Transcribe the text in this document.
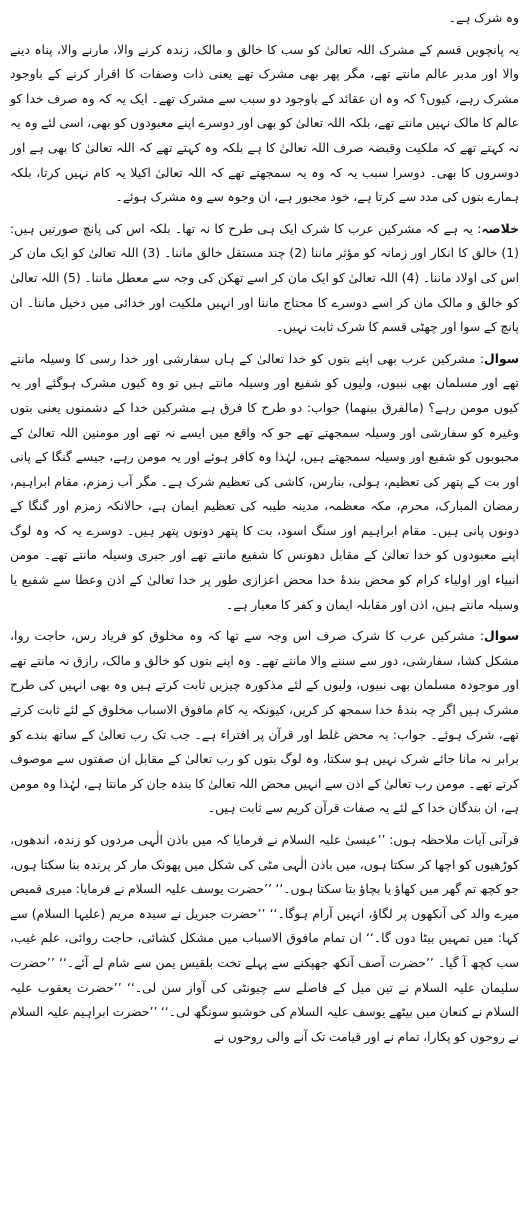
وہ شرک ہے۔

یہ پانچویں قسم کے مشرک اللہ تعالیٰ کو سب کا خالق و مالک، زندہ کرنے والا، مارنے والا، پناہ دینے والا اور مدبر عالم مانتے تھے، مگر پھر بھی مشرک تھے یعنی ذات وصفات کا اقرار کرنے کے باوجود مشرک رہے، کیوں؟ کہ وہ ان عقائد کے باوجود دو سبب سے مشرک تھے۔ ایک یہ کہ وہ صرف خدا کو عالم کا مالک نہیں مانتے تھے، بلکہ اللہ تعالیٰ کو بھی اور دوسرے اپنے معبودوں کو بھی، اسی لئے وہ یہ نہ کہتے تھے کہ ملکیت وقبضہ صرف اللہ تعالیٰ کا ہے بلکہ وہ کہتے تھے کہ اللہ تعالیٰ کا بھی ہے اور دوسروں کا بھی۔ دوسرا سبب یہ کہ وہ یہ سمجھتے تھے کہ اللہ تعالیٰ اکیلا یہ کام نہیں کرتا، بلکہ ہمارے بتوں کی مدد سے کرتا ہے، خود مجبور ہے، ان وجوہ سے وہ مشرک ہوئے۔

خلاصہ: یہ ہے کہ مشرکین عرب کا شرک ایک ہی طرح کا نہ تھا۔ بلکہ اس کی پانچ صورتیں ہیں: (1) خالق کا انکار اور زمانہ کو مؤثر ماننا (2) چند مستقل خالق ماننا۔ (3) اللہ تعالیٰ کو ایک مان کر اس کی اولاد ماننا۔ (4) اللہ تعالیٰ کو ایک مان کر اسے تھکن کی وجہ سے معطل ماننا۔ (5) اللہ تعالیٰ کو خالق و مالک مان کر اسے دوسرے کا محتاج ماننا اور انہیں ملکیت اور خدائی میں دخیل ماننا۔ ان پانچ کے سوا اور چھٹی قسم کا شرک ثابت نہیں۔

سوال: مشرکین عرب بھی اپنے بتوں کو خدا تعالیٰ کے ہاں سفارشی اور خدا رسی کا وسیلہ مانتے تھے اور مسلمان بھی نبیوں، ولیوں کو شفیع اور وسیلہ مانتے ہیں تو وہ کیوں مشرک ہوگئے اور یہ کیوں مومن رہے؟ (مالفرق بینھما) جواب: دو طرح کا فرق ہے مشرکین خدا کے دشمنوں یعنی بتوں وغیرہ کو سفارشی اور وسیلہ سمجھتے تھے جو کہ واقع میں ایسے نہ تھے اور مومنین اللہ تعالیٰ کے محبوبوں کو شفیع اور وسیلہ سمجھتے ہیں، لہٰذا وہ کافر ہوئے اور یہ مومن رہے، جیسے گنگا کے پانی اور بت کے پتھر کی تعظیم، ہولی، بنارس، کاشی کی تعظیم شرک ہے۔ مگر آب زمزم، مقام ابراہیم، رمضان المبارک، محرم، مکہ معظمہ، مدینہ طیبہ کی تعظیم ایمان ہے، حالانکہ زمزم اور گنگا کے دونوں پانی ہیں۔ مقام ابراہیم اور سنگ اسود، بت کا پتھر دونوں پتھر ہیں۔ دوسرے یہ کہ وہ لوگ اپنے معبودوں کو خدا تعالیٰ کے مقابل دھونس کا شفیع مانتے تھے اور جبری وسیلہ مانتے تھے۔ مومن انبیاء اور اولیاء کرام کو محض بندۂ خدا محض اعزازی طور پر خدا تعالیٰ کے اذن وعطا سے شفیع یا وسیلہ مانتے ہیں، اذن اور مقابلہ ایمان و کفر کا معیار ہے۔

سوال: مشرکین عرب کا شرک صرف اس وجہ سے تھا کہ وہ مخلوق کو فریاد رس، حاجت روا، مشکل کشا، سفارشی، دور سے سننے والا مانتے تھے۔ وہ اپنے بتوں کو خالق و مالک، رازق نہ مانتے تھے اور موجودہ مسلمان بھی نبیوں، ولیوں کے لئے مذکورہ چیزیں ثابت کرتے ہیں وہ بھی انہیں کی طرح مشرک ہیں اگر چہ بندۂ خدا سمجھ کر کریں، کیونکہ یہ کام مافوق الاسباب مخلوق کے لئے ثابت کرتے تھے، شرک ہوئے۔ جواب: یہ محض غلط اور قرآن پر افتراء ہے۔ جب تک رب تعالیٰ کے ساتھ بندے کو برابر نہ مانا جائے شرک نہیں ہو سکتا، وہ لوگ بتوں کو رب تعالیٰ کے مقابل ان صفتوں سے موصوف کرتے تھے۔ مومن رب تعالیٰ کے اذن سے انہیں محض اللہ تعالیٰ کا بندہ جان کر مانتا ہے، لہٰذا وہ مومن ہے، ان بندگان خدا کے لئے یہ صفات قرآن کریم سے ثابت ہیں۔

قرآنی آیات ملاحظہ ہوں: ’’عیسیٰ علیہ السلام نے فرمایا کہ میں باذن الٰہی مردوں کو زندہ، اندھوں، کوڑھیوں کو اچھا کر سکتا ہوں، میں باذن الٰہی مٹی کی شکل میں پھونک مار کر پرندہ بنا سکتا ہوں، جو کچھ تم گھر میں کھاؤ یا بچاؤ بتا سکتا ہوں۔‘‘ ’’حضرت یوسف علیہ السلام نے فرمایا: میری قمیص میرے والد کی آنکھوں پر لگاؤ، انہیں آرام ہوگا۔‘‘ ’’حضرت جبریل نے سیدہ مریم (علیہا السلام) سے کہا: میں تمہیں بیٹا دوں گا۔‘‘ ان تمام مافوق الاسباب میں مشکل کشائی، حاجت روائی، علم غیب، سب کچھ آ گیا۔ ’’حضرت آصف آنکھ جھپکنے سے پہلے تخت بلقیس یمن سے شام لے آئے۔‘‘ ’’حضرت سلیمان علیہ السلام نے تین میل کے فاصلے سے چیونٹی کی آواز سن لی۔‘‘ ’’حضرت یعقوب علیہ السلام نے کنعان میں بیٹھے یوسف علیہ السلام کی خوشبو سونگھ لی۔‘‘ ’’حضرت ابراہیم علیہ السلام نے روحوں کو پکارا، تمام نے اور قیامت تک آنے والی روحوں نے
